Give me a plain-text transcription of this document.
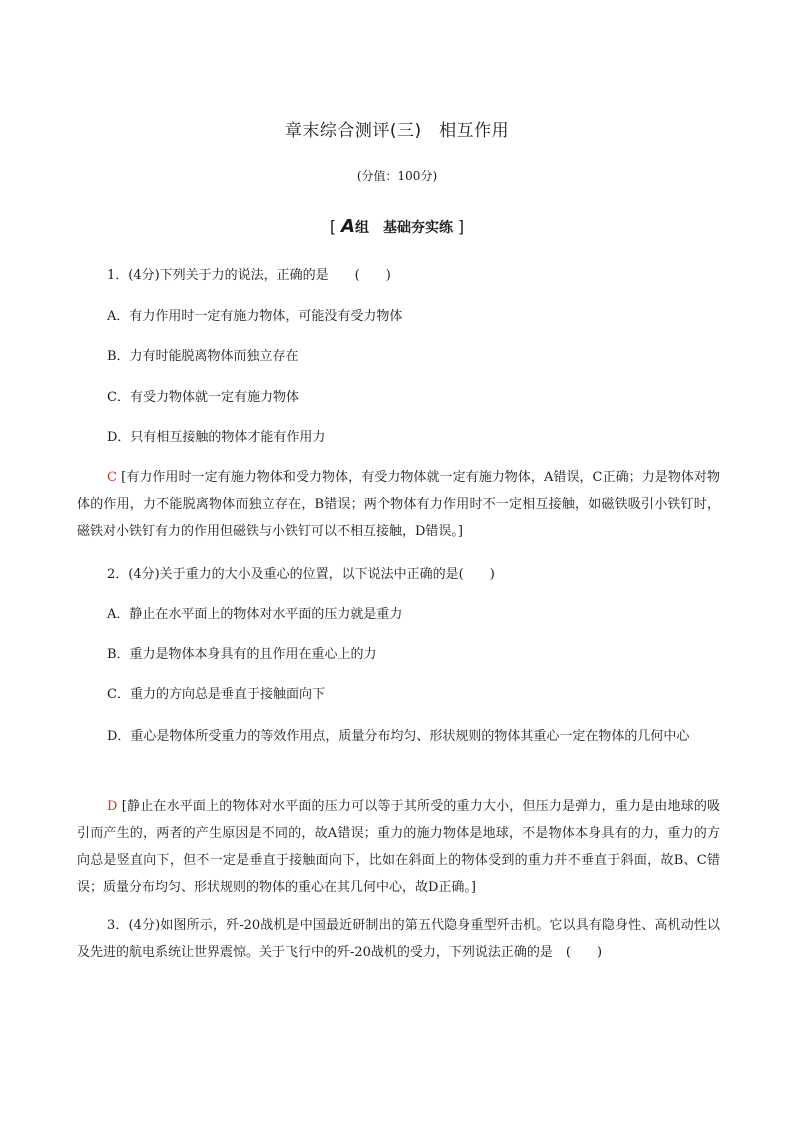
章末综合测评(三)　相互作用
(分值：100分)
[ A组　基础夯实练 ]
1．(4分)下列关于力的说法，正确的是　　(　　)
A．有力作用时一定有施力物体，可能没有受力物体
B．力有时能脱离物体而独立存在
C．有受力物体就一定有施力物体
D．只有相互接触的物体才能有作用力
C [有力作用时一定有施力物体和受力物体，有受力物体就一定有施力物体，A错误，C正确；力是物体对物体的作用，力不能脱离物体而独立存在，B错误；两个物体有力作用时不一定相互接触，如磁铁吸引小铁钉时，磁铁对小铁钉有力的作用但磁铁与小铁钉可以不相互接触，D错误。]
2．(4分)关于重力的大小及重心的位置，以下说法中正确的是(　　)
A．静止在水平面上的物体对水平面的压力就是重力
B．重力是物体本身具有的且作用在重心上的力
C．重力的方向总是垂直于接触面向下
D．重心是物体所受重力的等效作用点，质量分布均匀、形状规则的物体其重心一定在物体的几何中心
D [静止在水平面上的物体对水平面的压力可以等于其所受的重力大小，但压力是弹力，重力是由地球的吸引而产生的，两者的产生原因是不同的，故A错误；重力的施力物体是地球，不是物体本身具有的力，重力的方向总是竖直向下，但不一定是垂直于接触面向下，比如在斜面上的物体受到的重力并不垂直于斜面，故B、C错误；质量分布均匀、形状规则的物体的重心在其几何中心，故D正确。]
3．(4分)如图所示，歼-20战机是中国最近研制出的第五代隐身重型歼击机。它以具有隐身性、高机动性以及先进的航电系统让世界震惊。关于飞行中的歼-20战机的受力，下列说法正确的是　(　　)
